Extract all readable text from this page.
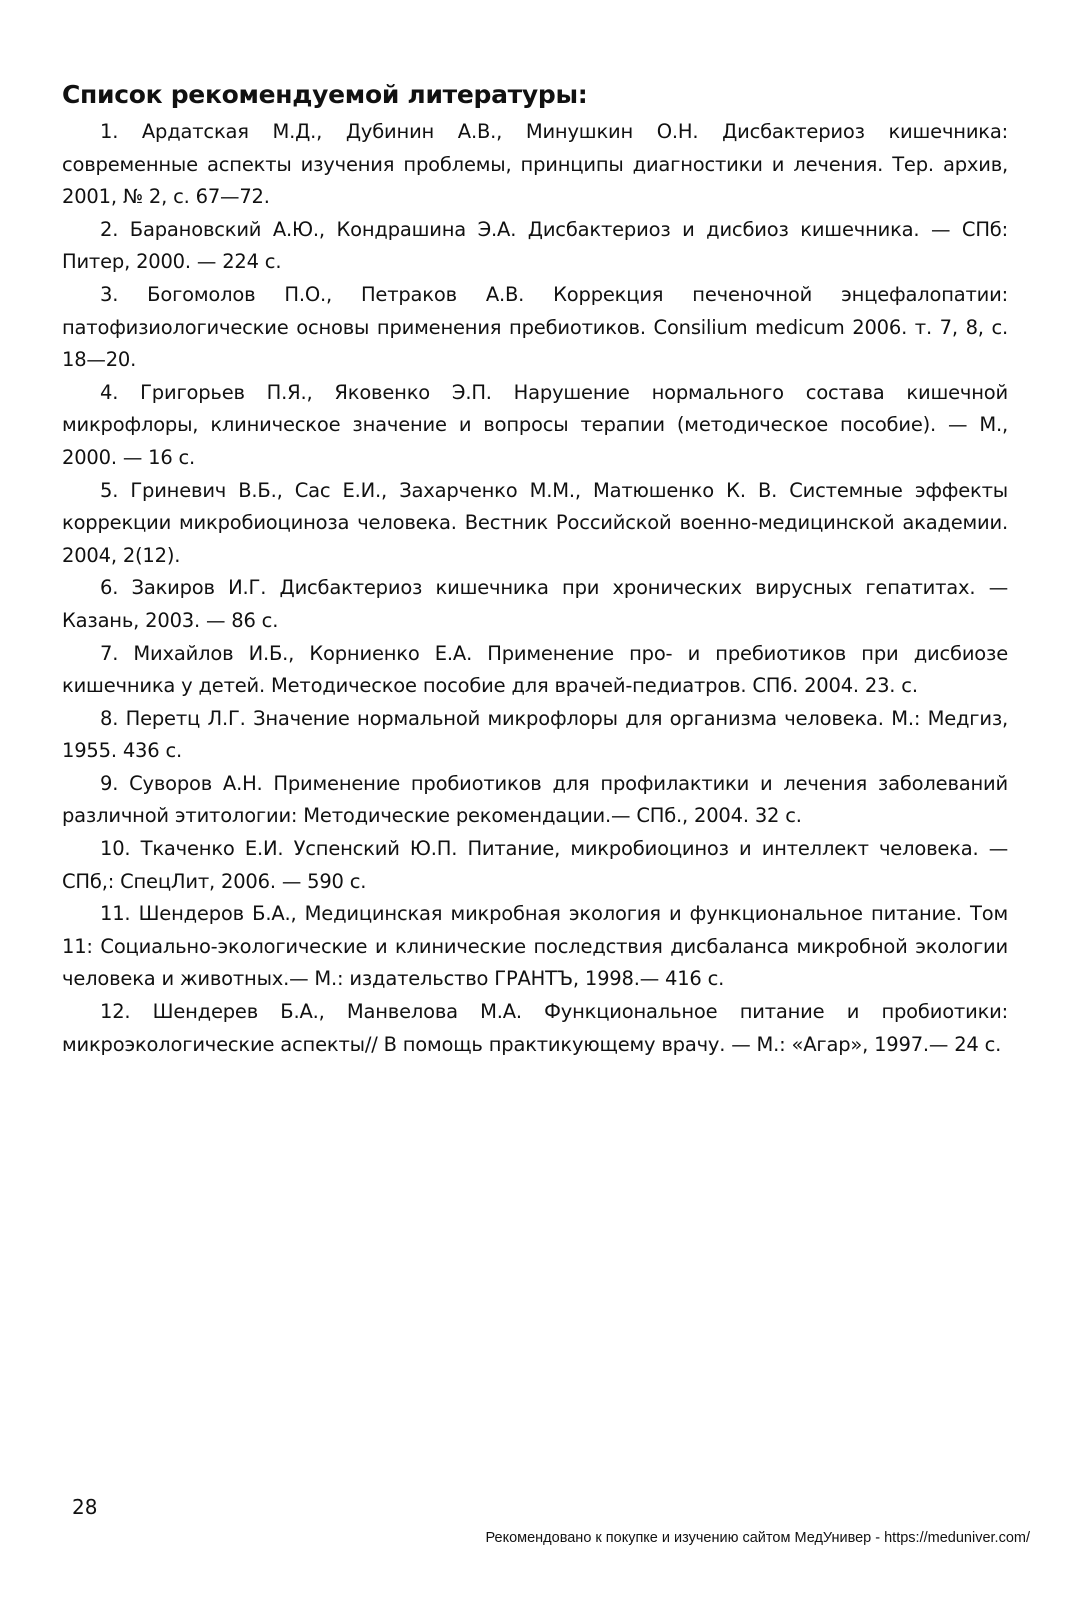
Список рекомендуемой литературы:
1. Ардатская М.Д., Дубинин А.В., Минушкин О.Н. Дисбактериоз кишечника: современные аспекты изучения проблемы, принципы диагностики и лечения. Тер. архив, 2001, № 2, с. 67—72.
2. Барановский А.Ю., Кондрашина Э.А. Дисбактериоз и дисбиоз кишечника. — СПб: Питер, 2000. — 224 с.
3. Богомолов П.О., Петраков А.В. Коррекция печеночной энцефалопатии: патофизиологические основы применения пребиотиков. Consilium medicum 2006. т. 7, 8, с. 18—20.
4. Григорьев П.Я., Яковенко Э.П. Нарушение нормального состава кишечной микрофлоры, клиническое значение и вопросы терапии (методическое пособие). — М., 2000. — 16 с.
5. Гриневич В.Б., Сас Е.И., Захарченко М.М., Матюшенко К. В. Системные эффекты коррекции микробиоциноза человека. Вестник Российской военно-медицинской академии. 2004, 2(12).
6. Закиров И.Г. Дисбактериоз кишечника при хронических вирусных гепатитах. — Казань, 2003. — 86 с.
7. Михайлов И.Б., Корниенко Е.А. Применение про- и пребиотиков при дисбиозе кишечника у детей. Методическое пособие для врачей-педиатров. СПб. 2004. 23. с.
8. Перетц Л.Г. Значение нормальной микрофлоры для организма человека. М.: Медгиз, 1955. 436 с.
9. Суворов А.Н. Применение пробиотиков для профилактики и лечения заболеваний различной этитологии: Методические рекомендации.— СПб., 2004. 32 с.
10. Ткаченко Е.И. Успенский Ю.П. Питание, микробиоциноз и интеллект человека. — СПб,: СпецЛит, 2006. — 590 с.
11. Шендеров Б.А., Медицинская микробная экология и функциональное питание. Том 11: Социально-экологические и клинические последствия дисбаланса микробной экологии человека и животных.— М.: издательство ГРАНТЪ, 1998.— 416 с.
12. Шендерев Б.А., Манвелова М.А. Функциональное питание и пробиотики: микроэкологические аспекты// В помощь практикующему врачу. — М.: «Агар», 1997.— 24 с.
28
Рекомендовано к покупке и изучению сайтом МедУнивер - https://meduniver.com/
